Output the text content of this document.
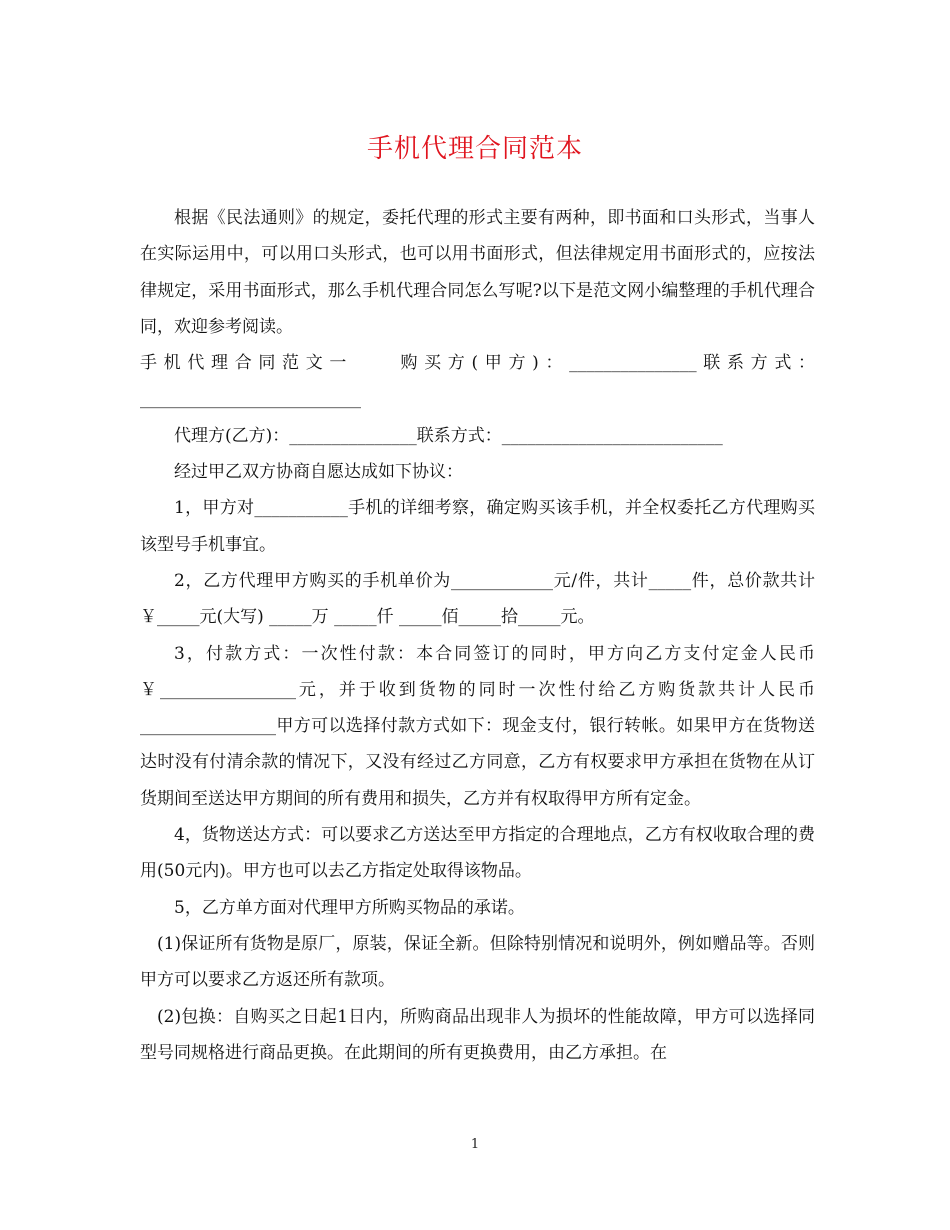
手机代理合同范本

根据《民法通则》的规定，委托代理的形式主要有两种，即书面和口头形式，当事人在实际运用中，可以用口头形式，也可以用书面形式，但法律规定用书面形式的，应按法律规定，采用书面形式，那么手机代理合同怎么写呢?以下是范文网小编整理的手机代理合同，欢迎参考阅读。

手机代理合同范文一　　购买方(甲方)：_______________联系方式：__________________________

代理方(乙方)：_______________联系方式：__________________________

经过甲乙双方协商自愿达成如下协议：

1，甲方对___________手机的详细考察，确定购买该手机，并全权委托乙方代理购买该型号手机事宜。

2，乙方代理甲方购买的手机单价为____________元/件，共计_____件，总价款共计￥_____元(大写) _____万 _____仟 _____佰_____拾_____元。

3，付款方式：一次性付款：本合同签订的同时，甲方向乙方支付定金人民币￥________________元，并于收到货物的同时一次性付给乙方购货款共计人民币________________甲方可以选择付款方式如下：现金支付，银行转帐。如果甲方在货物送达时没有付清余款的情况下，又没有经过乙方同意，乙方有权要求甲方承担在货物在从订货期间至送达甲方期间的所有费用和损失，乙方并有权取得甲方所有定金。

4，货物送达方式：可以要求乙方送达至甲方指定的合理地点，乙方有权收取合理的费用(50元内)。甲方也可以去乙方指定处取得该物品。

5，乙方单方面对代理甲方所购买物品的承诺。

(1)保证所有货物是原厂，原装，保证全新。但除特别情况和说明外，例如赠品等。否则甲方可以要求乙方返还所有款项。

(2)包换：自购买之日起1日内，所购商品出现非人为损坏的性能故障，甲方可以选择同型号同规格进行商品更换。在此期间的所有更换费用，由乙方承担。在

1
